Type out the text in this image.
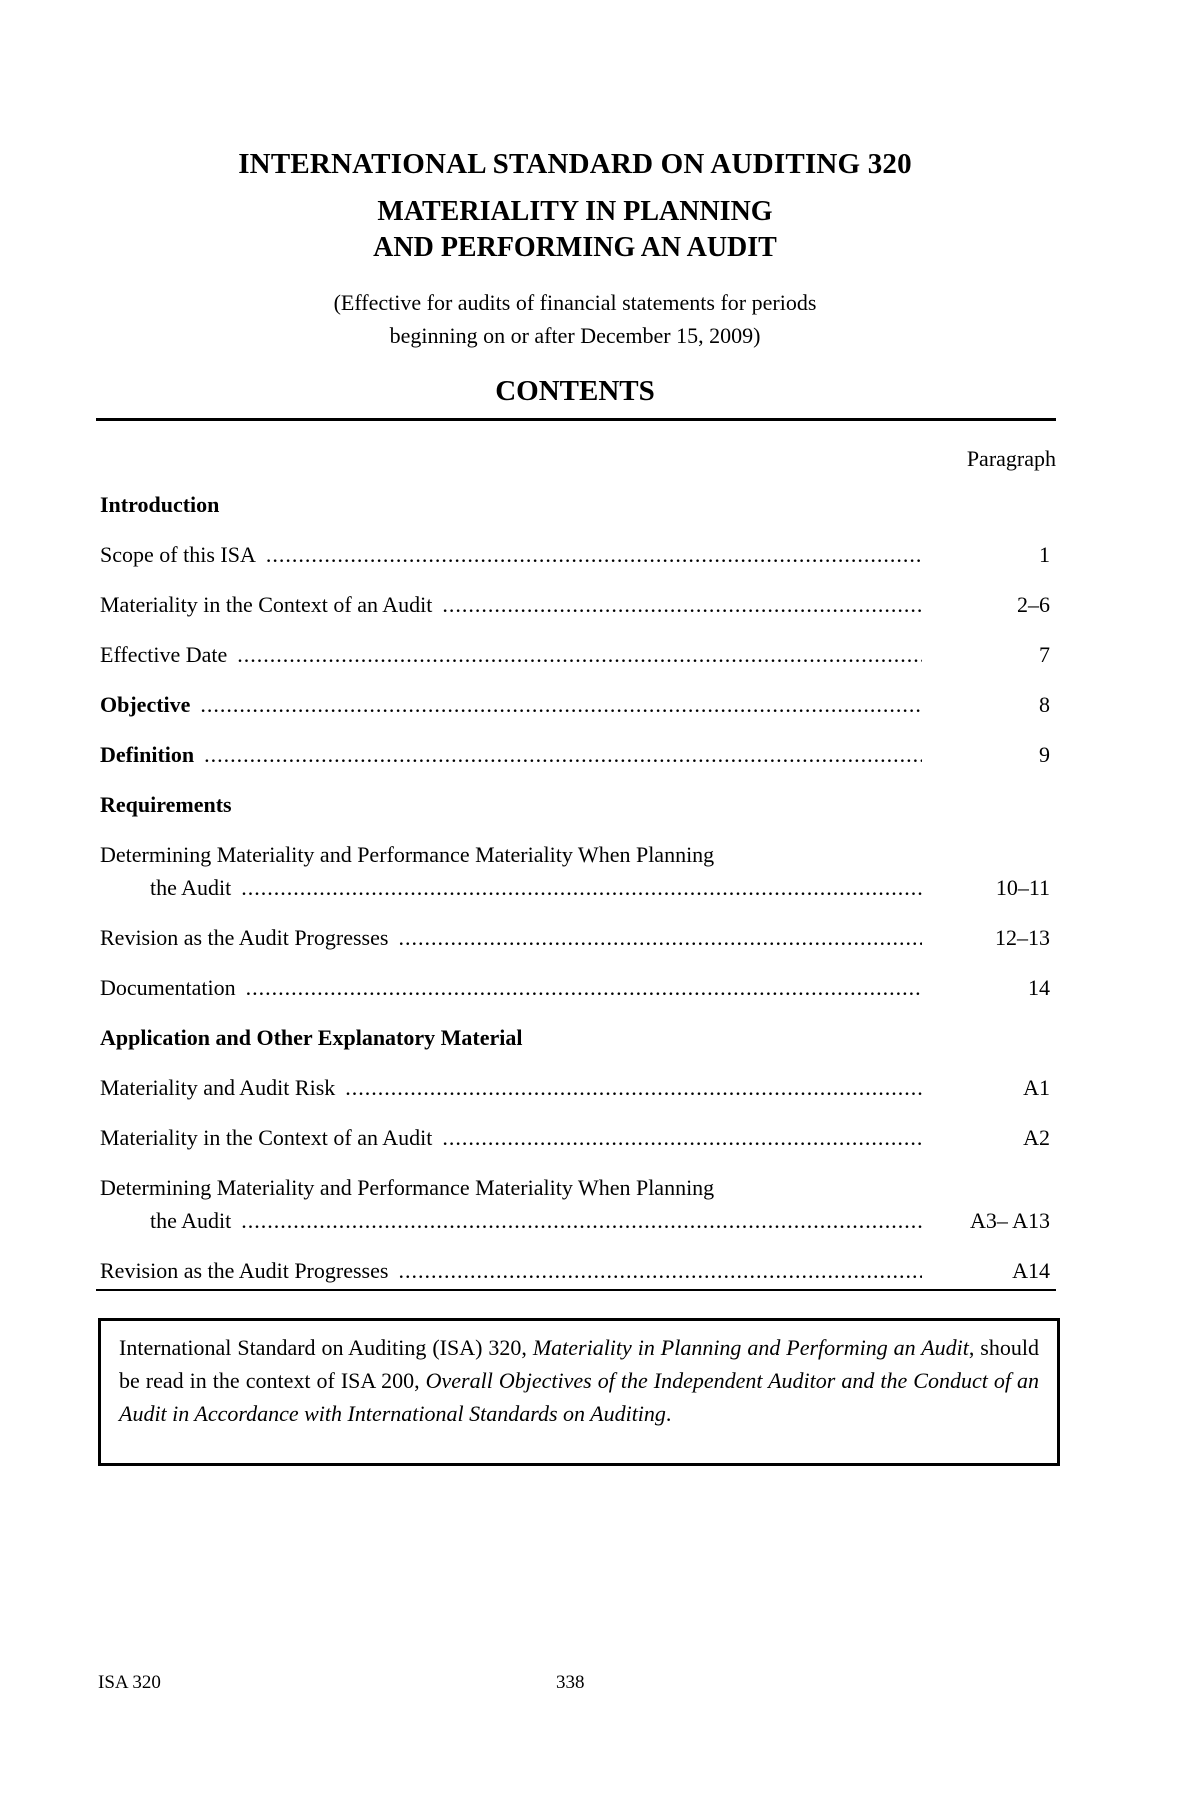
INTERNATIONAL STANDARD ON AUDITING 320
MATERIALITY IN PLANNING
AND PERFORMING AN AUDIT

(Effective for audits of financial statements for periods

beginning on or after December 15, 2009)

CONTENTS
Paragraph
Introduction
Scope of this ISA .....	1
Materiality in the Context of an Audit .....	2–6
Effective Date .....	7
Objective .....	8
Definition .....	9
Requirements
Determining Materiality and Performance Materiality When Planning
the Audit .....	10–11
Revision as the Audit Progresses .....	12–13
Documentation .....	14
Application and Other Explanatory Material
Materiality and Audit Risk .....	A1
Materiality in the Context of an Audit .....	A2
Determining Materiality and Performance Materiality When Planning
the Audit .....	A3– A13
Revision as the Audit Progresses .....	A14
International Standard on Auditing (ISA) 320, Materiality in Planning and Performing an Audit, should be read in the context of ISA 200, Overall Objectives of the Independent Auditor and the Conduct of an Audit in Accordance with International Standards on Auditing.
ISA 320	338
